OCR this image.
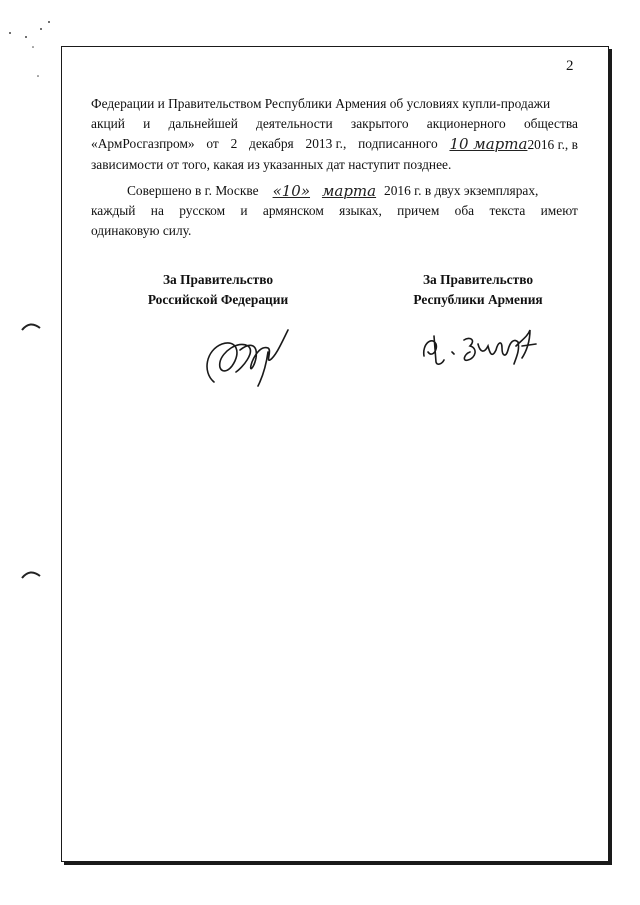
2
Федерации и Правительством Республики Армения об условиях купли-продажи
акций и дальнейшей деятельности закрытого акционерного общества
«АрмРосгазпром» от 2 декабря 2013 г., подписанного 10 марта2016 г., в
зависимости от того, какая из указанных дат наступит позднее.
Совершено в г. Москве «10» марта 2016 г. в двух экземплярах,
каждый на русском и армянском языках, причем оба текста имеют
одинаковую силу.
За Правительство
Российской Федерации
За Правительство
Республики Армения
